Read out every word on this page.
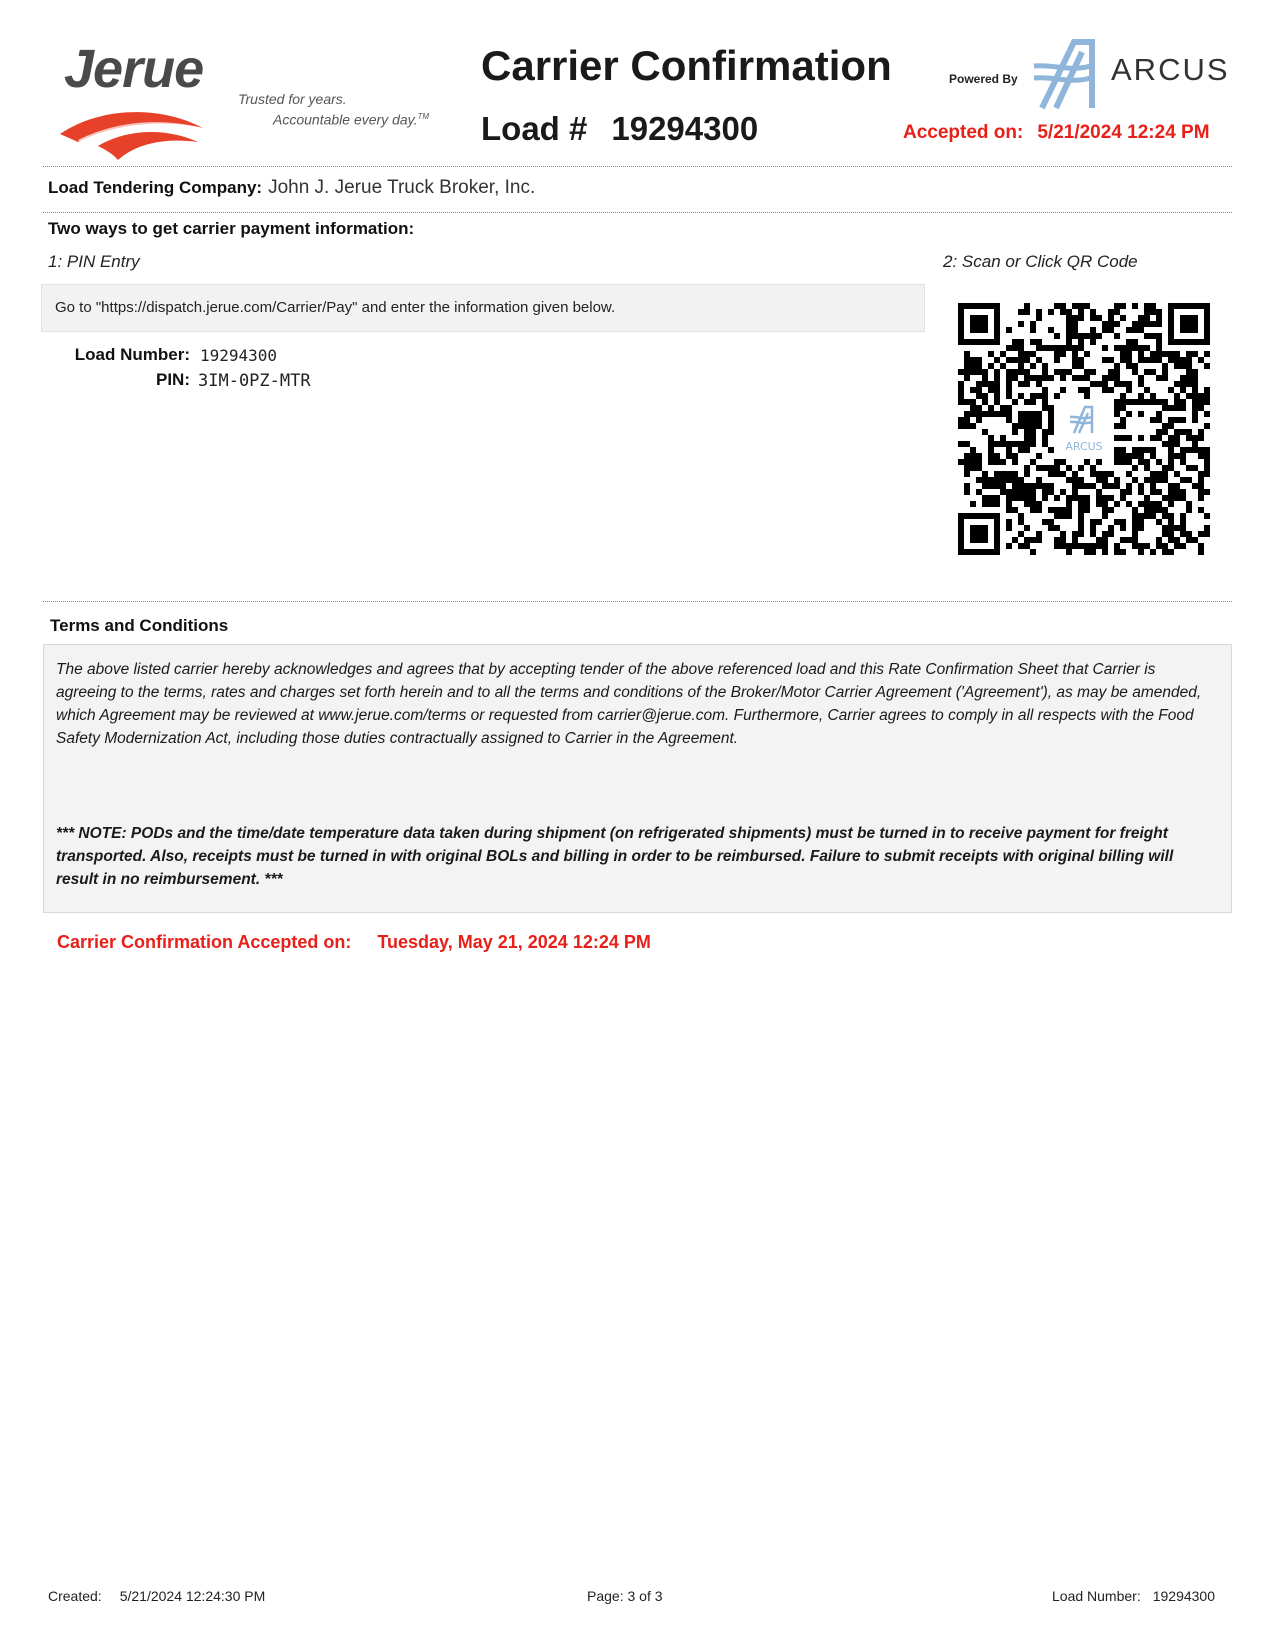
Jerue Trusted for years.
Accountable every day.™
Carrier Confirmation
Load # 19294300
Powered By	ARCUS
Accepted on: 5/21/2024 12:24 PM
Load Tendering Company: John J. Jerue Truck Broker, Inc.
Two ways to get carrier payment information:
1: PIN Entry	2: Scan or Click QR Code
Go to "https://dispatch.jerue.com/Carrier/Pay" and enter the information given below.
Load Number: 19294300
PIN: 3IM-0PZ-MTR
ARCUS
Terms and Conditions

The above listed carrier hereby acknowledges and agrees that by accepting tender of the above referenced load and this Rate Confirmation Sheet that Carrier is agreeing to the terms, rates and charges set forth herein and to all the terms and conditions of the Broker/Motor Carrier Agreement ('Agreement'), as may be amended, which Agreement may be reviewed at www.jerue.com/terms or requested from carrier@jerue.com. Furthermore, Carrier agrees to comply in all respects with the Food Safety Modernization Act, including those duties contractually assigned to Carrier in the Agreement.

*** NOTE: PODs and the time/date temperature data taken during shipment (on refrigerated shipments) must be turned in to receive payment for freight transported. Also, receipts must be turned in with original BOLs and billing in order to be reimbursed. Failure to submit receipts with original billing will result in no reimbursement. ***

Carrier Confirmation Accepted on: Tuesday, May 21, 2024 12:24 PM
Created: 5/21/2024 12:24:30 PM	Page: 3 of 3	Load Number: 19294300
